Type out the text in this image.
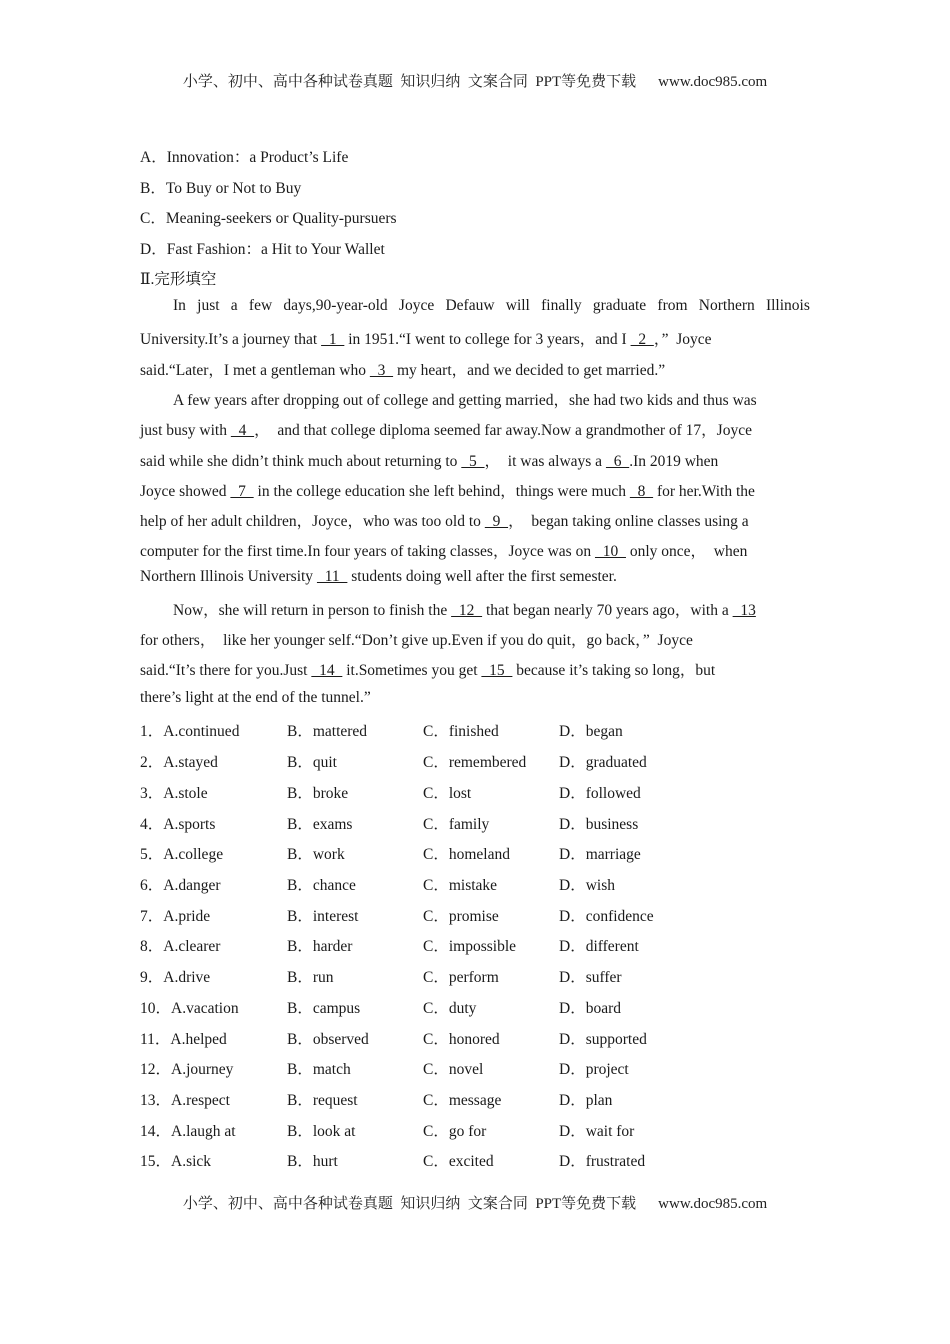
小学、初中、高中各种试卷真题  知识归纳  文案合同  PPT等免费下载 www.doc985.com
A．Innovation：a Product’s Life
B．To Buy or Not to Buy
C．Meaning-seekers or Quality-pursuers
D．Fast Fashion：a Hit to Your Wallet
Ⅱ.完形填空
In just a few days,90-year-old Joyce Defauw will finally graduate from Northern Illinois
University.It’s a journey that   1   in 1951.“I went to college for 3 years，and I   2  ，”  Joyce
said.“Later，I met a gentleman who   3   my heart，and we decided to get married.”
A few years after dropping out of college and getting married，she had two kids and thus was
just busy with   4  ，  and that college diploma seemed far away.Now a grandmother of 17，Joyce
said while she didn’t think much about returning to   5  ，  it was always a   6  .In 2019 when
Joyce showed   7   in the college education she left behind，things were much   8   for her.With the
help of her adult children，Joyce，who was too old to   9  ，  began taking online classes using a
computer for the first time.In four years of taking classes，Joyce was on   10   only once，  when
Northern Illinois University   11   students doing well after the first semester.
Now，she will return in person to finish the   12   that began nearly 70 years ago，with a   13
for others，  like her younger self.“Don’t give up.Even if you do quit，go back，”  Joyce
said.“It’s there for you.Just   14   it.Sometimes you get   15   because it’s taking so long，but
there’s light at the end of the tunnel.”
1．A.continued	B．mattered	C．finished	D．began
2．A.stayed	B．quit	C．remembered D．graduated
3．A.stole	B．broke	C．lost	D．followed
4．A.sports	B．exams	C．family	D．business
5．A.college	B．work	C．homeland	D．marriage
6．A.danger	B．chance	C．mistake	D．wish
7．A.pride	B．interest	C．promise	D．confidence
8．A.clearer	B．harder	C．impossible	D．different
9．A.drive	B．run	C．perform	D．suffer
10．A.vacation	B．campus	C．duty	D．board
11．A.helped	B．observed	C．honored	D．supported
12．A.journey	B．match	C．novel	D．project
13．A.respect	B．request	C．message	D．plan
14．A.laugh at	B．look at	C．go for	D．wait for
15．A.sick	B．hurt	C．excited	D．frustrated
小学、初中、高中各种试卷真题  知识归纳  文案合同  PPT等免费下载 www.doc985.com
